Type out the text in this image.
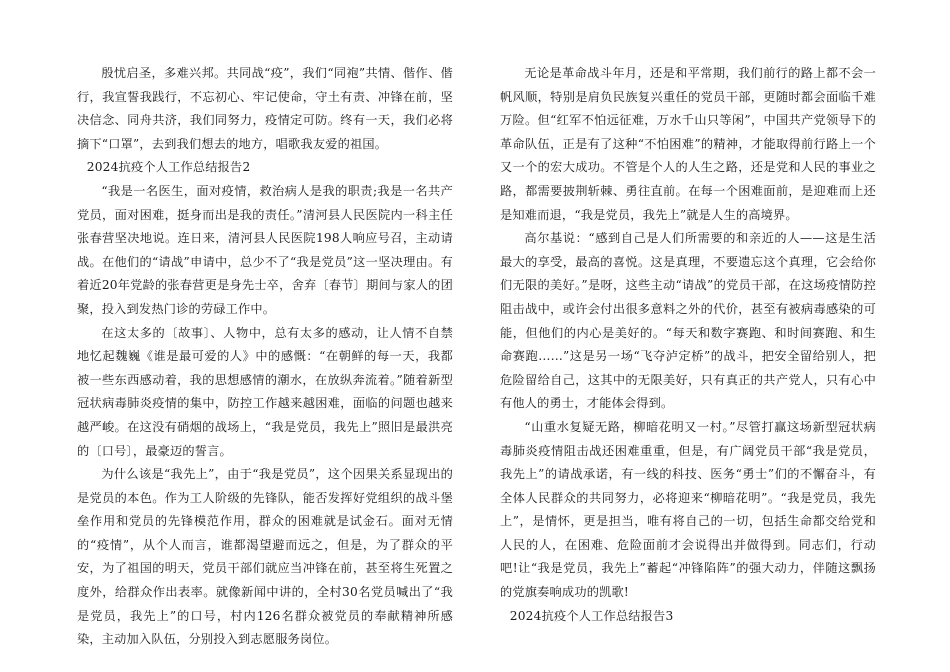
殷忧启圣，多难兴邦。共同战“疫”，我们“同袍”共情、偕作、偕行，我宣誓我践行，不忘初心、牢记使命，守土有责、冲锋在前，坚决信念、同舟共济，我们同努力，疫情定可防。终有一天，我们必将摘下“口罩”，去到我们想去的地方，唱歌我友爱的祖国。

2024抗疫个人工作总结报告2

“我是一名医生，面对疫情，救治病人是我的职责;我是一名共产党员，面对困难，挺身而出是我的责任。”清河县人民医院内一科主任张春营坚决地说。连日来，清河县人民医院198人响应号召，主动请战。在他们的“请战”申请中，总少不了“我是党员”这一坚决理由。有着近20年党龄的张春营更是身先士卒，舍弃〔春节〕期间与家人的团聚，投入到发热门诊的劳碌工作中。

在这太多的〔故事〕、人物中，总有太多的感动，让人情不自禁地忆起魏巍《谁是最可爱的人》中的感慨：“在朝鲜的每一天，我都被一些东西感动着，我的思想感情的潮水，在放纵奔流着。”随着新型冠状病毒肺炎疫情的集中，防控工作越来越困难，面临的问题也越来越严峻。在这没有硝烟的战场上，“我是党员，我先上”照旧是最洪亮的〔口号〕，最豪迈的誓言。

为什么该是“我先上”，由于“我是党员”，这个因果关系显现出的是党员的本色。作为工人阶级的先锋队，能否发挥好党组织的战斗堡垒作用和党员的先锋模范作用，群众的困难就是试金石。面对无情的“疫情”，从个人而言，谁都渴望避而远之，但是，为了群众的平安，为了祖国的明天，党员干部们就应当冲锋在前，甚至将生死置之度外，给群众作出表率。就像新闻中讲的，全村30名党员喊出了“我是党员，我先上”的口号，村内126名群众被党员的奉献精神所感染，主动加入队伍，分别投入到志愿服务岗位。

无论是革命战斗年月，还是和平常期，我们前行的路上都不会一帆风顺，特别是肩负民族复兴重任的党员干部，更随时都会面临千难万险。但“红军不怕远征难，万水千山只等闲”，中国共产党领导下的革命队伍，正是有了这种“不怕困难”的精神，才能取得前行路上一个又一个的宏大成功。不管是个人的人生之路，还是党和人民的事业之路，都需要披荆斩棘、勇往直前。在每一个困难面前，是迎难而上还是知难而退，“我是党员，我先上”就是人生的高境界。

高尔基说：“感到自己是人们所需要的和亲近的人——这是生活最大的享受，最高的喜悦。这是真理，不要遗忘这个真理，它会给你们无限的美好。”是呀，这些主动“请战”的党员干部，在这场疫情防控阻击战中，或许会付出很多意料之外的代价，甚至有被病毒感染的可能，但他们的内心是美好的。“每天和数字赛跑、和时间赛跑、和生命赛跑……”这是另一场“飞夺泸定桥”的战斗，把安全留给别人，把危险留给自己，这其中的无限美好，只有真正的共产党人，只有心中有他人的勇士，才能体会得到。

“山重水复疑无路，柳暗花明又一村。”尽管打赢这场新型冠状病毒肺炎疫情阻击战还困难重重，但是，有广阔党员干部“我是党员，我先上”的请战承诺，有一线的科技、医务“勇士”们的不懈奋斗，有全体人民群众的共同努力，必将迎来“柳暗花明”。“我是党员，我先上”，是情怀，更是担当，唯有将自己的一切，包括生命都交给党和人民的人，在困难、危险面前才会说得出并做得到。同志们，行动吧!让“我是党员，我先上”蓄起“冲锋陷阵”的强大动力，伴随这飘扬的党旗奏响成功的凯歌!

2024抗疫个人工作总结报告3
